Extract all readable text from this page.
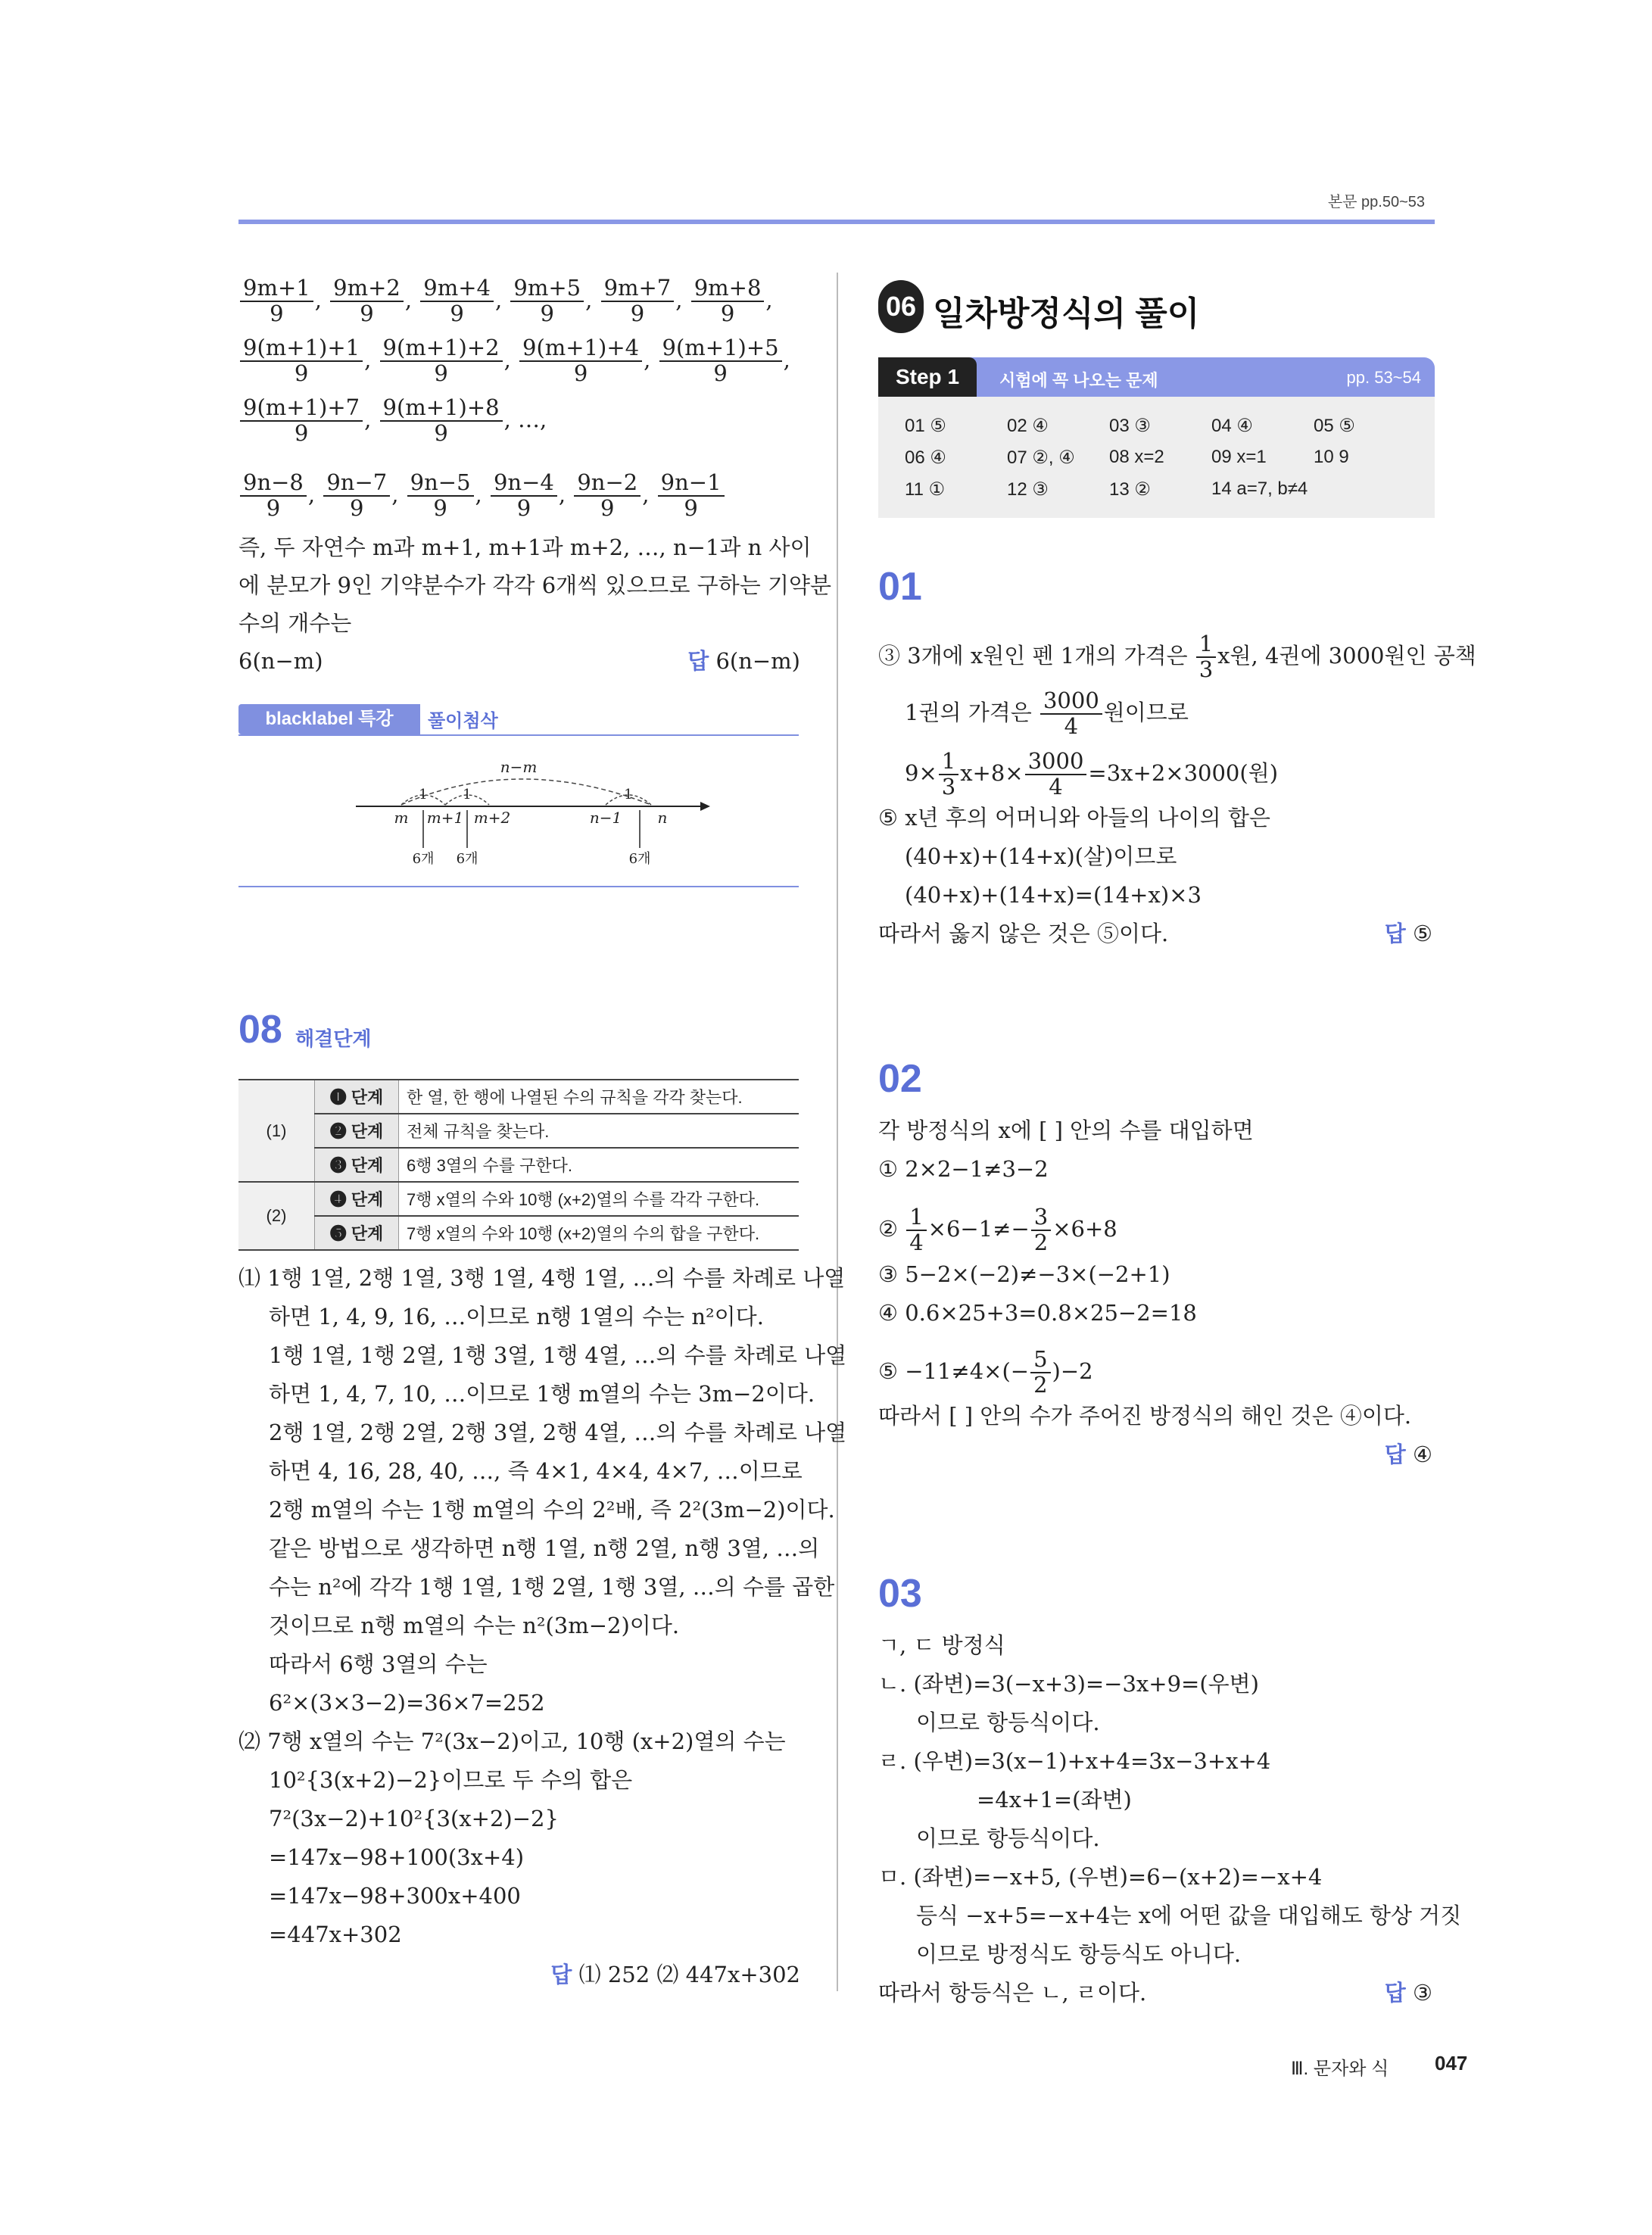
본문 pp.50~53
$\frac{9m+1}{9}$ , $\frac{9m+2}{9}$ , $\frac{9m+4}{9}$ , $\frac{9m+5}{9}$ , $\frac{9m+7}{9}$ , $\frac{9m+8}{9}$ ,
$\frac{9(m+1)+1}{9}$ , $\frac{9(m+1)+2}{9}$ , $\frac{9(m+1)+4}{9}$ , $\frac{9(m+1)+5}{9}$ ,
$\frac{9(m+1)+7}{9}$ , $\frac{9(m+1)+8}{9}$ , …,
$\frac{9n-8}{9}$ , $\frac{9n-7}{9}$ , $\frac{9n-5}{9}$ , $\frac{9n-4}{9}$ , $\frac{9n-2}{9}$ , $\frac{9n-1}{9}$
즉, 두 자연수 m과 m+1, m+1과 m+2, …, n−1과 n 사이
에 분모가 9인 기약분수가 각각 6개씩 있으므로 구하는 기약분
수의 개수는
6(n−m)	답 6(n−m)
blacklabel 특강	풀이첨삭
n−m
1	1	1
m m+1 m+2	n−1 n
6개 6개	6개
08 해결단계
(1)	❶ 단계	한 열, 한 행에 나열된 수의 규칙을 각각 찾는다.
	❷ 단계	전체 규칙을 찾는다.
	❸ 단계	6행 3열의 수를 구한다.
(2)	❹ 단계	7행 x열의 수와 10행 (x+2)열의 수를 각각 구한다.
	❺ 단계	7행 x열의 수와 10행 (x+2)열의 수의 합을 구한다.
⑴ 1행 1열, 2행 1열, 3행 1열, 4행 1열, …의 수를 차례로 나열
하면 1, 4, 9, 16, …이므로 n행 1열의 수는 n²이다.
1행 1열, 1행 2열, 1행 3열, 1행 4열, …의 수를 차례로 나열
하면 1, 4, 7, 10, …이므로 1행 m열의 수는 3m−2이다.
2행 1열, 2행 2열, 2행 3열, 2행 4열, …의 수를 차례로 나열
하면 4, 16, 28, 40, …, 즉 4×1, 4×4, 4×7, …이므로
2행 m열의 수는 1행 m열의 수의 2²배, 즉 2²(3m−2)이다.
같은 방법으로 생각하면 n행 1열, n행 2열, n행 3열, …의
수는 n²에 각각 1행 1열, 1행 2열, 1행 3열, …의 수를 곱한
것이므로 n행 m열의 수는 n²(3m−2)이다.
따라서 6행 3열의 수는
6²×(3×3−2)=36×7=252
⑵ 7행 x열의 수는 7²(3x−2)이고, 10행 (x+2)열의 수는
10²{3(x+2)−2}이므로 두 수의 합은
7²(3x−2)+10²{3(x+2)−2}
=147x−98+100(3x+4)
=147x−98+300x+400
=447x+302
답 ⑴ 252 ⑵ 447x+302
06 일차방정식의 풀이
Step 1	시험에 꼭 나오는 문제	pp. 53~54
01 ⑤	02 ④	03 ③	04 ④	05 ⑤
06 ④	07 ②, ④ 08 x=2	09 x=1	10 9
11 ①	12 ③	13 ②	14 a=7, b≠4
01
③ 3개에 x원인 펜 1개의 가격은 $\frac{1}{3}$ x원, 4권에 3000원인 공책
1권의 가격은 $\frac{3000}{4}$ 원이므로
$9\times \frac{1}{3} x+8\times \frac{3000}{4} =3x+2\times 3000$(원)
⑤ x년 후의 어머니와 아들의 나이의 합은
(40+x)+(14+x)(살)이므로
(40+x)+(14+x)=(14+x)×3
따라서 옳지 않은 것은 ⑤이다.	답 ⑤
02
각 방정식의 x에 [ ] 안의 수를 대입하면
① 2×2−1≠3−2
② $\frac{1}{4} \times 6-1\ne- \frac{3}{2} \times 6+8$
③ 5−2×(−2)≠−3×(−2+1)
④ 0.6×25+3=0.8×25−2=18
⑤ $-11\ne 4\times(- \frac{5}{2} )-2$
따라서 [ ] 안의 수가 주어진 방정식의 해인 것은 ④이다.
답 ④
03
ㄱ, ㄷ 방정식
ㄴ. (좌변)=3(−x+3)=−3x+9=(우변)
이므로 항등식이다.
ㄹ. (우변)=3(x−1)+x+4=3x−3+x+4
=4x+1=(좌변)
이므로 항등식이다.
ㅁ. (좌변)=−x+5, (우변)=6−(x+2)=−x+4
등식 −x+5=−x+4는 x에 어떤 값을 대입해도 항상 거짓
이므로 방정식도 항등식도 아니다.
따라서 항등식은 ㄴ, ㄹ이다.	답 ③
Ⅲ. 문자와 식 047
